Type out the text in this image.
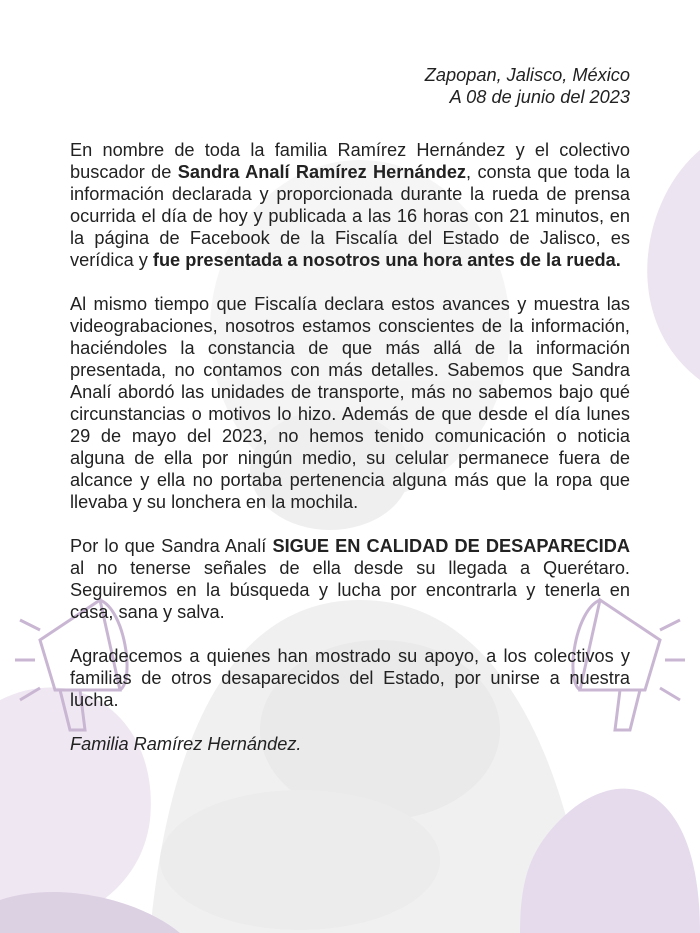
Zapopan, Jalisco, México
A 08 de junio del 2023

En nombre de toda la familia Ramírez Hernández y el colectivo buscador de Sandra Analí Ramírez Hernández, consta que toda la información declarada y proporcionada durante la rueda de prensa ocurrida el día de hoy y publicada a las 16 horas con 21 minutos, en la página de Facebook de la Fiscalía del Estado de Jalisco, es verídica y fue presentada a nosotros una hora antes de la rueda.

Al mismo tiempo que Fiscalía declara estos avances y muestra las videograbaciones, nosotros estamos conscientes de la información, haciéndoles la constancia de que más allá de la información presentada, no contamos con más detalles. Sabemos que Sandra Analí abordó las unidades de transporte, más no sabemos bajo qué circunstancias o motivos lo hizo. Además de que desde el día lunes 29 de mayo del 2023, no hemos tenido comunicación o noticia alguna de ella por ningún medio, su celular permanece fuera de alcance y ella no portaba pertenencia alguna más que la ropa que llevaba y su lonchera en la mochila.

Por lo que Sandra Analí SIGUE EN CALIDAD DE DESAPARECIDA al no tenerse señales de ella desde su llegada a Querétaro. Seguiremos en la búsqueda y lucha por encontrarla y tenerla en casa, sana y salva.

Agradecemos a quienes han mostrado su apoyo, a los colectivos y familias de otros desaparecidos del Estado, por unirse a nuestra lucha.

Familia Ramírez Hernández.
